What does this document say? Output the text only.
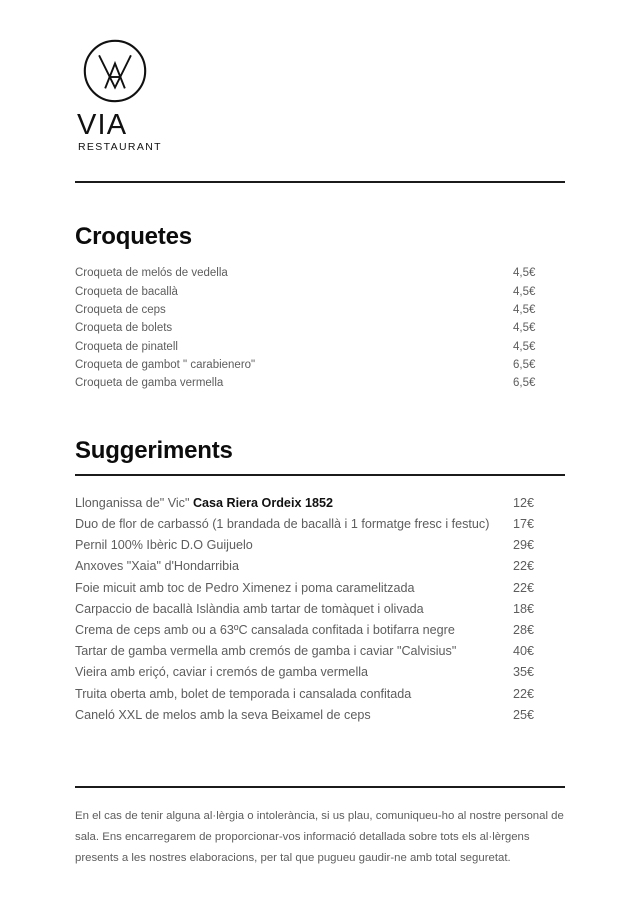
VIA
RESTAURANT
Croquetes
Croqueta de melós de vedella	4,5€
Croqueta de bacallà	4,5€
Croqueta de ceps	4,5€
Croqueta de bolets	4,5€
Croqueta de pinatell	4,5€
Croqueta de gambot " carabienero"	6,5€
Croqueta de gamba vermella	6,5€
Suggeriments
Llonganissa de" Vic" Casa Riera Ordeix 1852	12€
Duo de flor de carbassó (1 brandada de bacallà i 1 formatge fresc i festuc) 17€
Pernil 100% Ibèric D.O Guijuelo	29€
Anxoves "Xaia" d'Hondarribia	22€
Foie micuit amb toc de Pedro Ximenez i poma caramelitzada	22€
Carpaccio de bacallà Islàndia amb tartar de tomàquet i olivada	18€
Crema de ceps amb ou a 63ºC cansalada confitada i botifarra negre	28€
Tartar de gamba vermella amb cremós de gamba i caviar "Calvisius"	40€
Vieira amb eriçó, caviar i cremós de gamba vermella	35€
Truita oberta amb, bolet de temporada i cansalada confitada	22€
Caneló XXL de melos amb la seva Beixamel de ceps	25€

En el cas de tenir alguna al·lèrgia o intolerància, si us plau, comuniqueu-ho al nostre personal de sala. Ens encarregarem de proporcionar-vos informació detallada sobre tots els al·lèrgens presents a les nostres elaboracions, per tal que pugueu gaudir-ne amb total seguretat.
